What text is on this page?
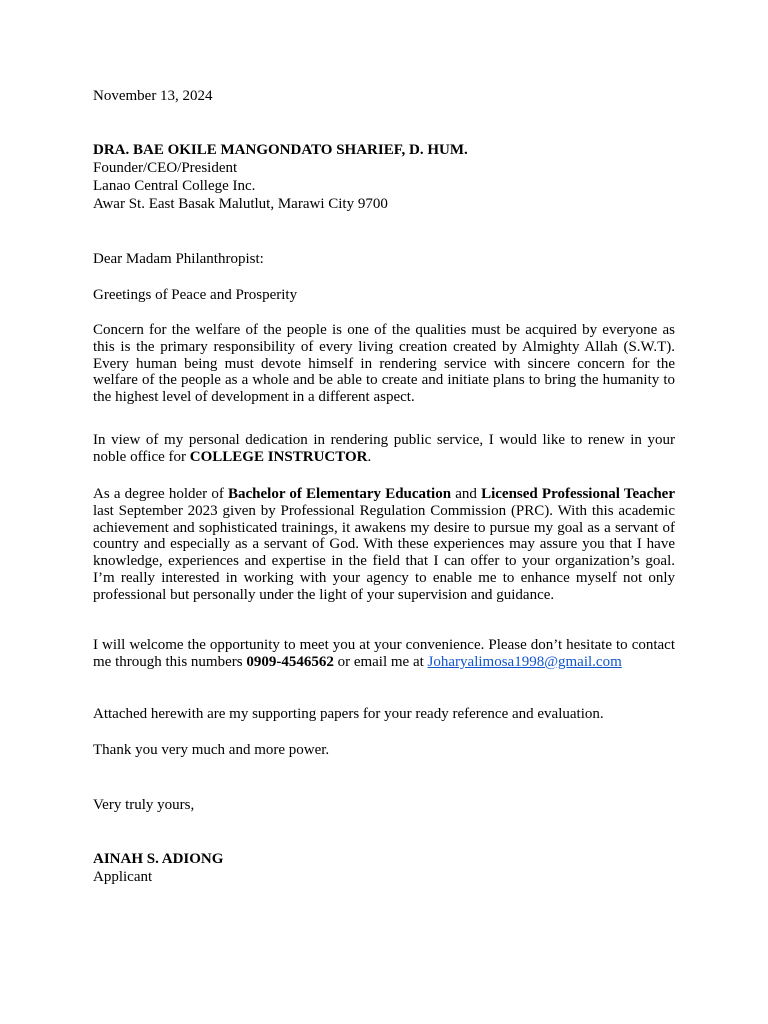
November 13, 2024
DRA. BAE OKILE MANGONDATO SHARIEF, D. HUM.
Founder/CEO/President
Lanao Central College Inc.
Awar St. East Basak Malutlut, Marawi City 9700
Dear Madam Philanthropist:
Greetings of Peace and Prosperity

Concern for the welfare of the people is one of the qualities must be acquired by everyone as this is the primary responsibility of every living creation created by Almighty Allah (S.W.T). Every human being must devote himself in rendering service with sincere concern for the welfare of the people as a whole and be able to create and initiate plans to bring the humanity to the highest level of development in a different aspect.

In view of my personal dedication in rendering public service, I would like to renew in your noble office for COLLEGE INSTRUCTOR.

As a degree holder of Bachelor of Elementary Education and Licensed Professional Teacher last September 2023 given by Professional Regulation Commission (PRC). With this academic achievement and sophisticated trainings, it awakens my desire to pursue my goal as a servant of country and especially as a servant of God. With these experiences may assure you that I have knowledge, experiences and expertise in the field that I can offer to your organization’s goal. I’m really interested in working with your agency to enable me to enhance myself not only professional but personally under the light of your supervision and guidance.

I will welcome the opportunity to meet you at your convenience. Please don’t hesitate to contact me through this numbers 0909-4546562 or email me at Joharyalimosa1998@gmail.com

Attached herewith are my supporting papers for your ready reference and evaluation.
Thank you very much and more power.
Very truly yours,
AINAH S. ADIONG
Applicant
